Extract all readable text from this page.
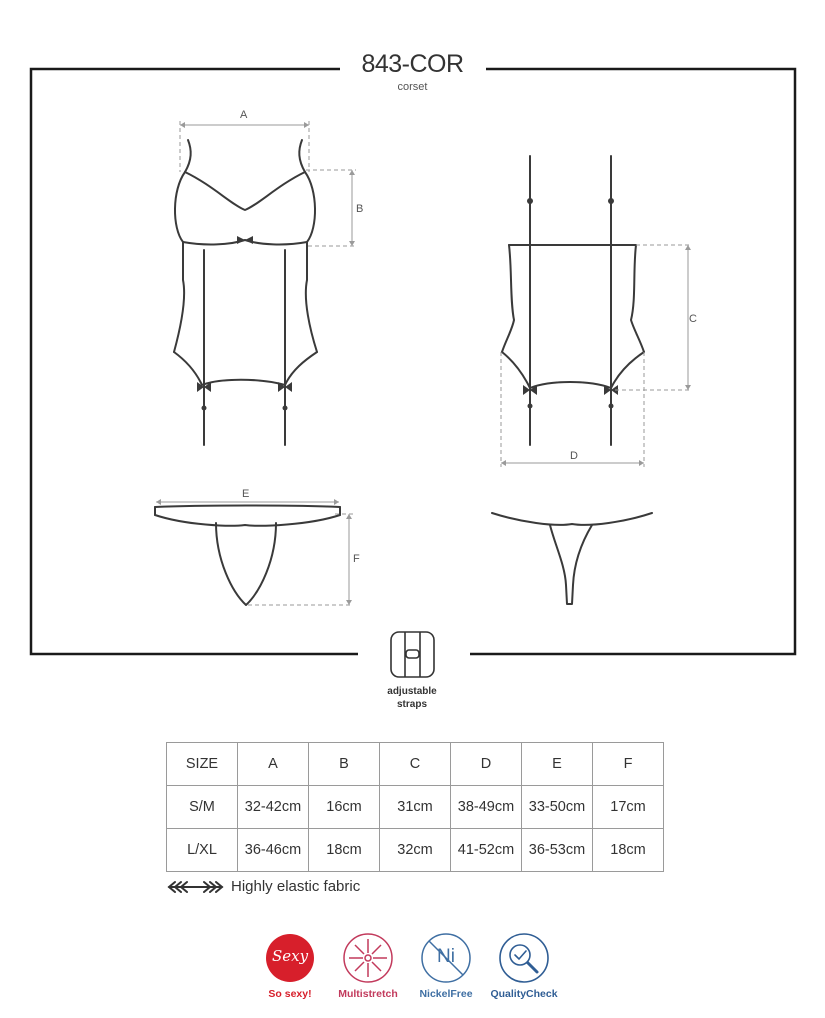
843-COR
corset
A
B
C
D
E
F
adjustable
straps
SIZE	A	B	C	D	E	F
S/M	32-42cm	16cm	31cm	38-49cm	33-50cm	17cm
L/XL	36-46cm	18cm	32cm	41-52cm	36-53cm	18cm
Highly elastic fabric
Sexy	Ni
So sexy!	Multistretch	NickelFree	QualityCheck
